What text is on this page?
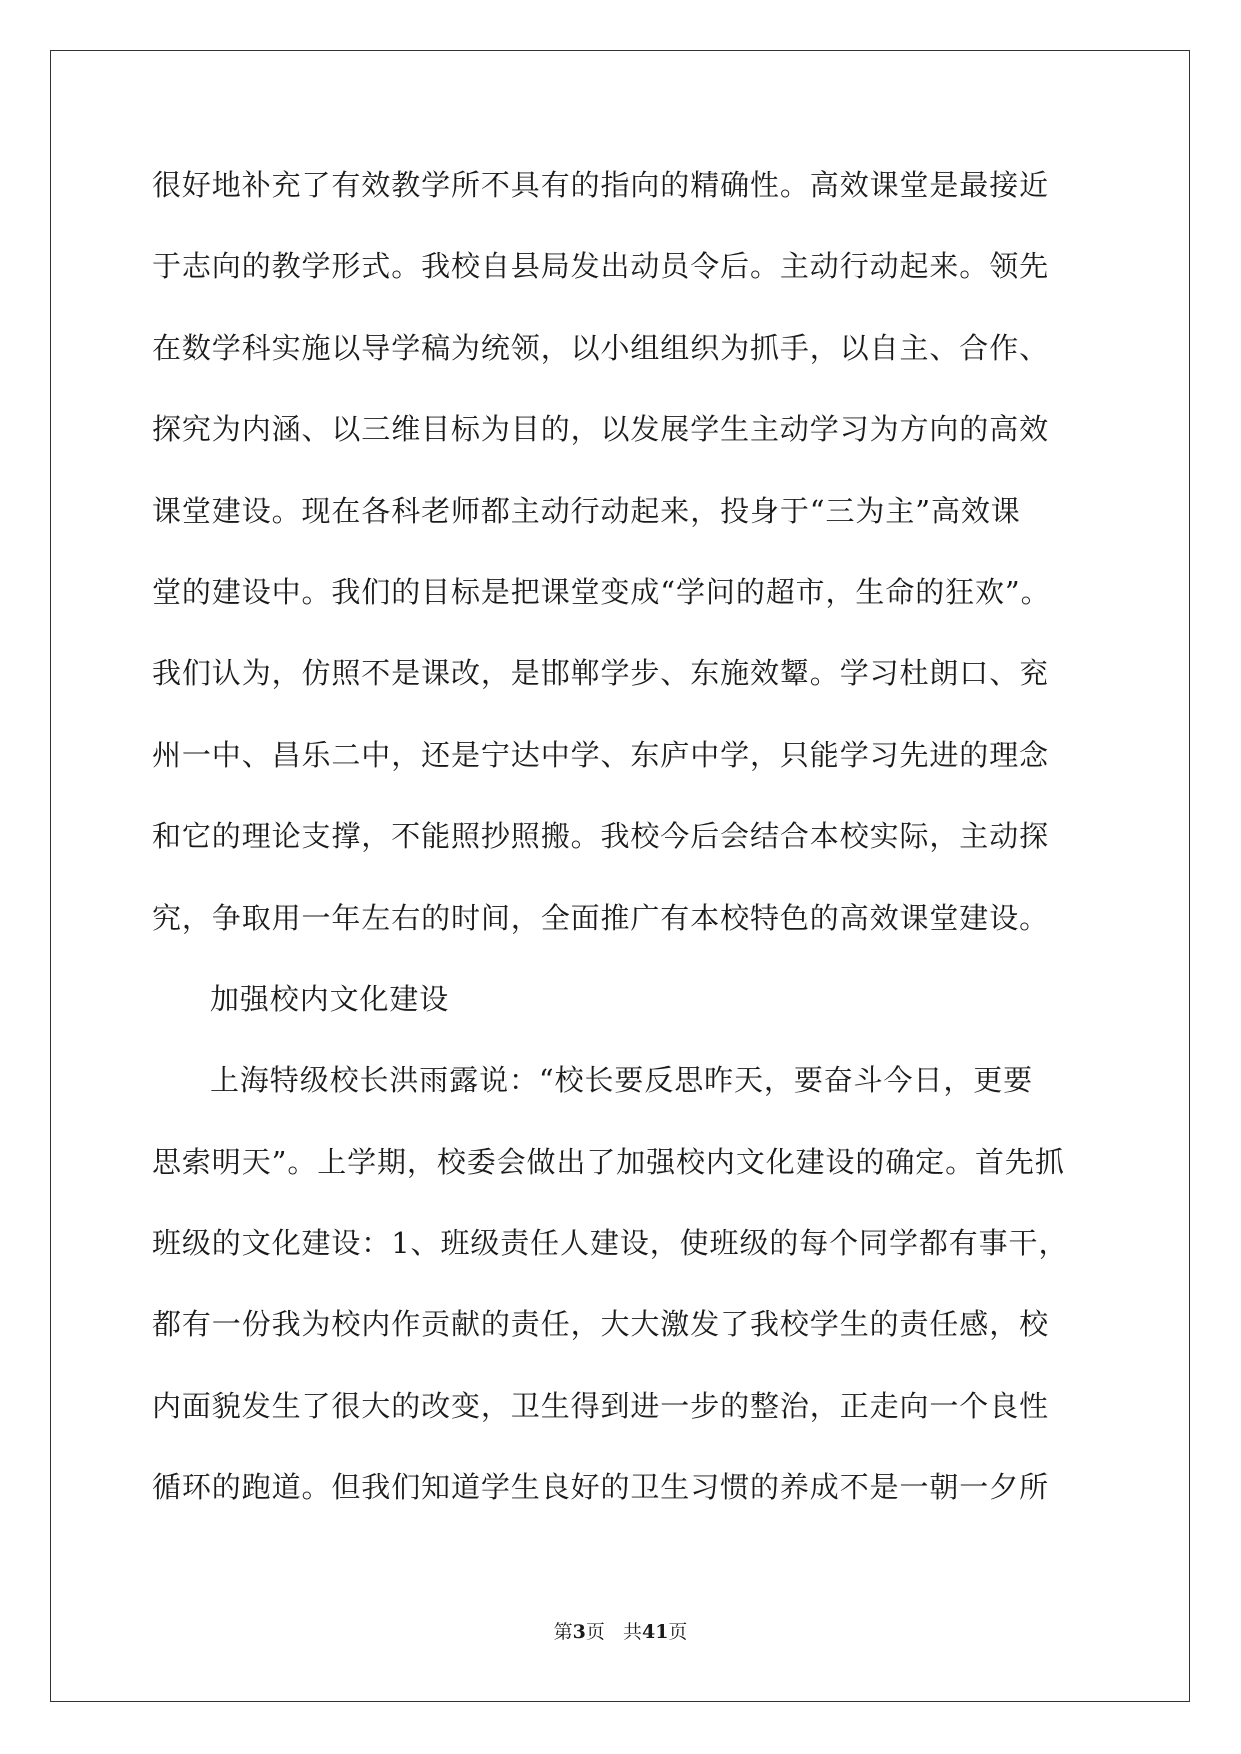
很好地补充了有效教学所不具有的指向的精确性。高效课堂是最接近
于志向的教学形式。我校自县局发出动员令后。主动行动起来。领先
在数学科实施以导学稿为统领，以小组组织为抓手，以自主、合作、
探究为内涵、以三维目标为目的，以发展学生主动学习为方向的高效
课堂建设。现在各科老师都主动行动起来，投身于“三为主”高效课
堂的建设中。我们的目标是把课堂变成“学问的超市，生命的狂欢”。
我们认为，仿照不是课改，是邯郸学步、东施效颦。学习杜朗口、兖
州一中、昌乐二中，还是宁达中学、东庐中学，只能学习先进的理念
和它的理论支撑，不能照抄照搬。我校今后会结合本校实际，主动探
究，争取用一年左右的时间，全面推广有本校特色的高效课堂建设。
加强校内文化建设
上海特级校长洪雨露说：“校长要反思昨天，要奋斗今日，更要
思索明天”。上学期，校委会做出了加强校内文化建设的确定。首先抓
班级的文化建设：1、班级责任人建设，使班级的每个同学都有事干，
都有一份我为校内作贡献的责任，大大激发了我校学生的责任感，校
内面貌发生了很大的改变，卫生得到进一步的整治，正走向一个良性
循环的跑道。但我们知道学生良好的卫生习惯的养成不是一朝一夕所
第3页 共41页
